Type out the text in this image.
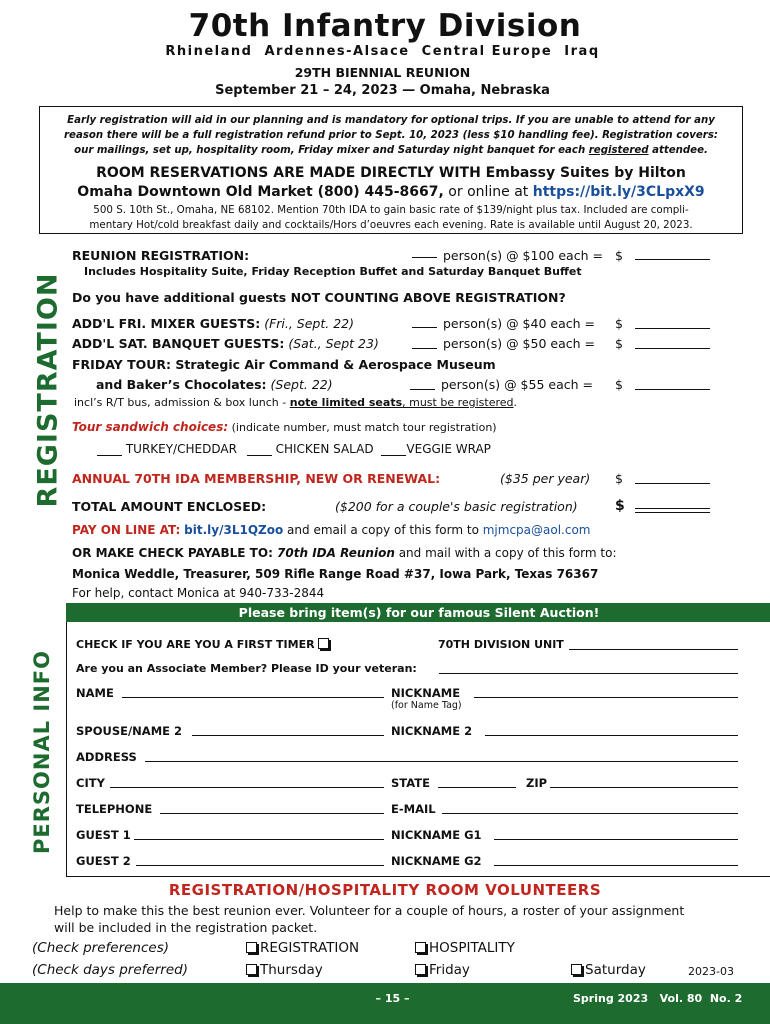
70th Infantry Division
Rhineland  Ardennes-Alsace  Central Europe  Iraq
29TH BIENNIAL REUNION
September 21 – 24, 2023 — Omaha, Nebraska
Early registration will aid in our planning and is mandatory for optional trips. If you are unable to attend for any
reason there will be a full registration refund prior to Sept. 10, 2023 (less $10 handling fee). Registration covers:
our mailings, set up, hospitality room, Friday mixer and Saturday night banquet for each registered attendee.
ROOM RESERVATIONS ARE MADE DIRECTLY WITH Embassy Suites by Hilton
Omaha Downtown Old Market (800) 445-8667, or online at https://bit.ly/3CLpxX9
500 S. 10th St., Omaha, NE 68102. Mention 70th IDA to gain basic rate of $139/night plus tax. Included are compli-
mentary Hot/cold breakfast daily and cocktails/Hors d’oeuvres each evening. Rate is available until August 20, 2023.
REGISTRATION
PERSONAL INFO
REUNION REGISTRATION:	person(s) @ $100 each = $
Includes Hospitality Suite, Friday Reception Buffet and Saturday Banquet Buffet
Do you have additional guests NOT COUNTING ABOVE REGISTRATION?
ADD'L FRI. MIXER GUESTS: (Fri., Sept. 22)	person(s) @ $40 each = $
ADD'L SAT. BANQUET GUESTS: (Sat., Sept 23)	person(s) @ $50 each = $
FRIDAY TOUR: Strategic Air Command & Aerospace Museum
and Baker’s Chocolates: (Sept. 22)	person(s) @ $55 each = $
incl’s R/T bus, admission & box lunch - note limited seats, must be registered.
Tour sandwich choices: (indicate number, must match tour registration)
TURKEY/CHEDDAR	CHICKEN SALAD	VEGGIE WRAP
ANNUAL 70TH IDA MEMBERSHIP, NEW OR RENEWAL:	($35 per year) $
TOTAL AMOUNT ENCLOSED:	($200 for a couple's basic registration)	$
PAY ON LINE AT: bit.ly/3L1QZoo and email a copy of this form to mjmcpa@aol.com
OR MAKE CHECK PAYABLE TO: 70th IDA Reunion and mail with a copy of this form to:
Monica Weddle, Treasurer, 509 Rifle Range Road #37, Iowa Park, Texas 76367
For help, contact Monica at 940-733-2844
Please bring item(s) for our famous Silent Auction!
CHECK IF YOU ARE YOU A FIRST TIMER	70TH DIVISION UNIT
Are you an Associate Member? Please ID your veteran:
NAME	NICKNAME
(for Name Tag)
SPOUSE/NAME 2	NICKNAME 2
ADDRESS
CITY	STATE	ZIP
TELEPHONE	E-MAIL
GUEST 1	NICKNAME G1
GUEST 2	NICKNAME G2
REGISTRATION/HOSPITALITY ROOM VOLUNTEERS
Help to make this the best reunion ever. Volunteer for a couple of hours, a roster of your assignment
will be included in the registration packet.
(Check preferences)	REGISTRATION	HOSPITALITY
(Check days preferred)	Thursday	Friday	Saturday	2023-03
– 15 –	Spring 2023   Vol. 80  No. 2
